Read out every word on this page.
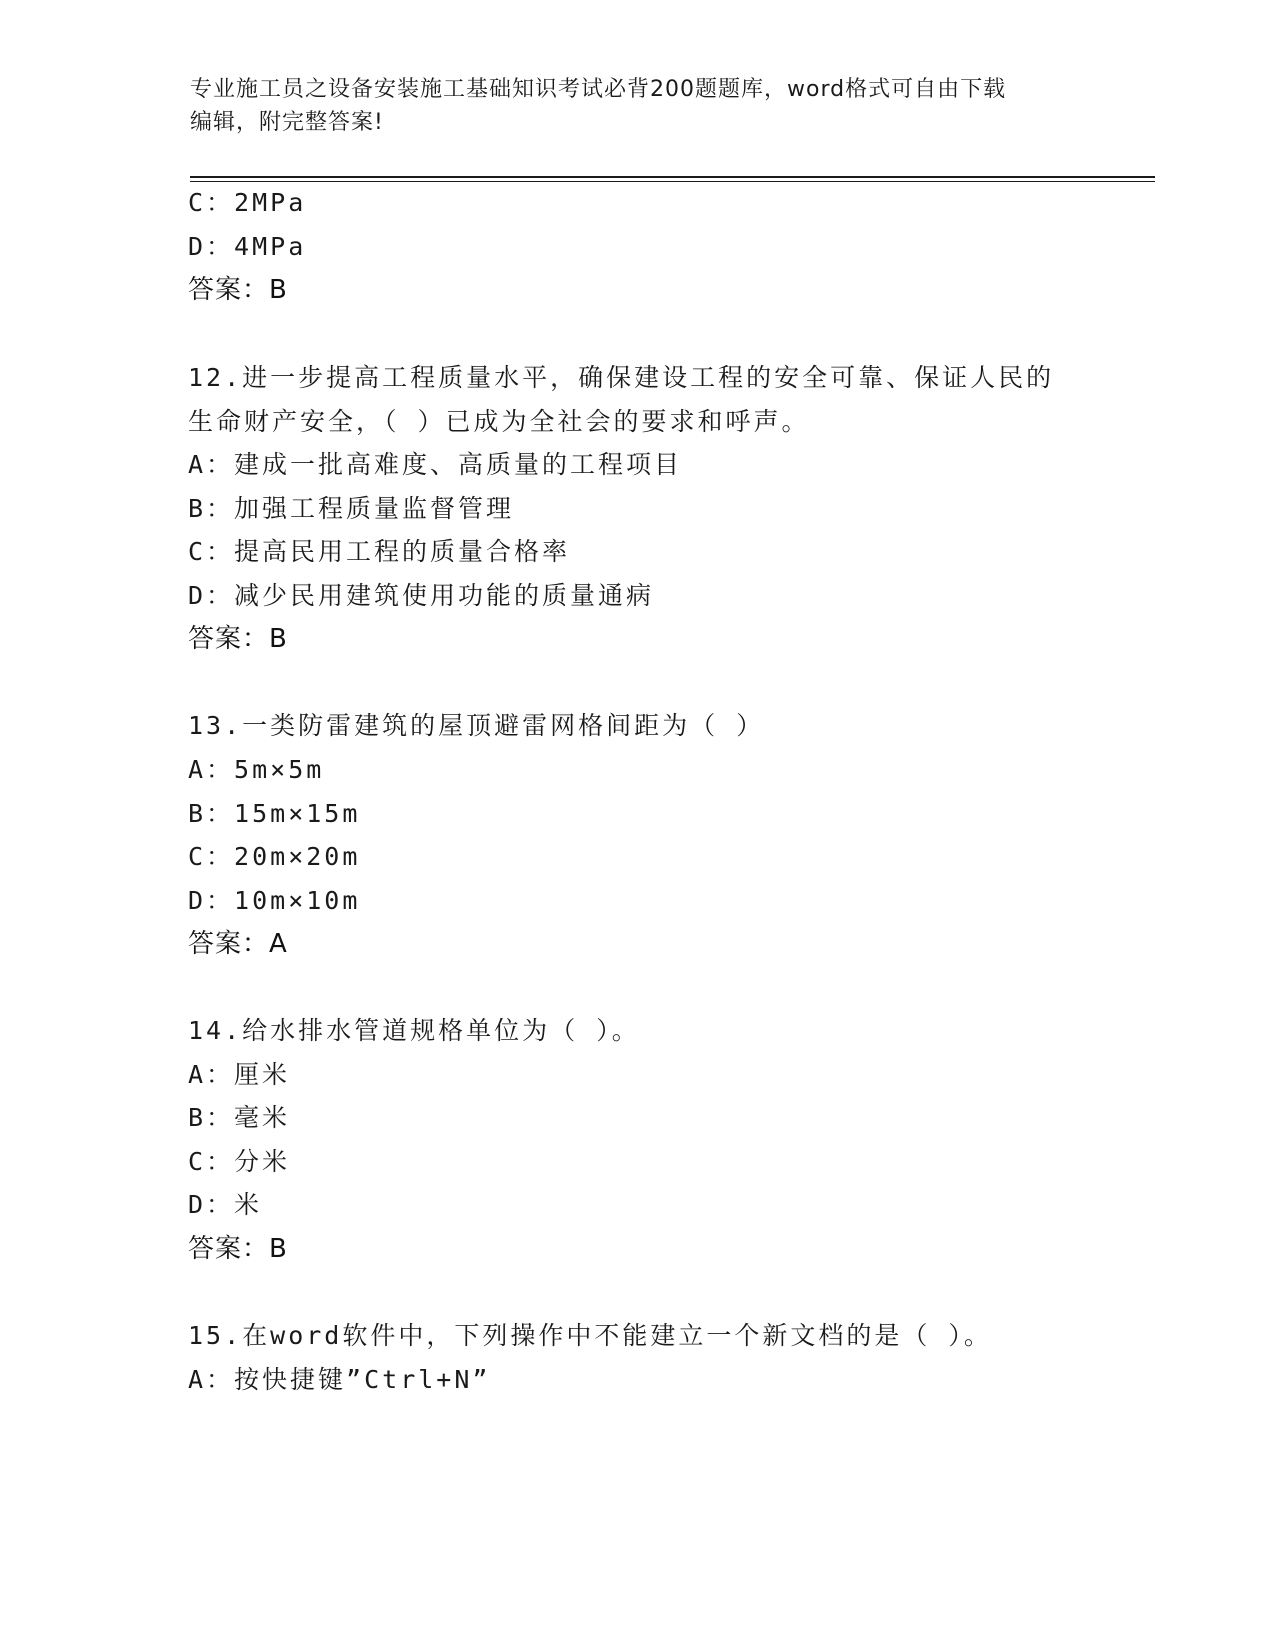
专业施工员之设备安装施工基础知识考试必背200题题库，word格式可自由下载
编辑，附完整答案!
C：2MPa
D：4MPa
答案：B
12.进一步提高工程质量水平，确保建设工程的安全可靠、保证人民的
生命财产安全，（ ）已成为全社会的要求和呼声。
A：建成一批高难度、高质量的工程项目
B：加强工程质量监督管理
C：提高民用工程的质量合格率
D：减少民用建筑使用功能的质量通病
答案：B
13.一类防雷建筑的屋顶避雷网格间距为（ ）
A：5m×5m
B：15m×15m
C：20m×20m
D：10m×10m
答案：A
14.给水排水管道规格单位为（ ）。
A：厘米
B：毫米
C：分米
D：米
答案：B
15.在word软件中，下列操作中不能建立一个新文档的是（ ）。
A：按快捷键”Ctrl+N”
